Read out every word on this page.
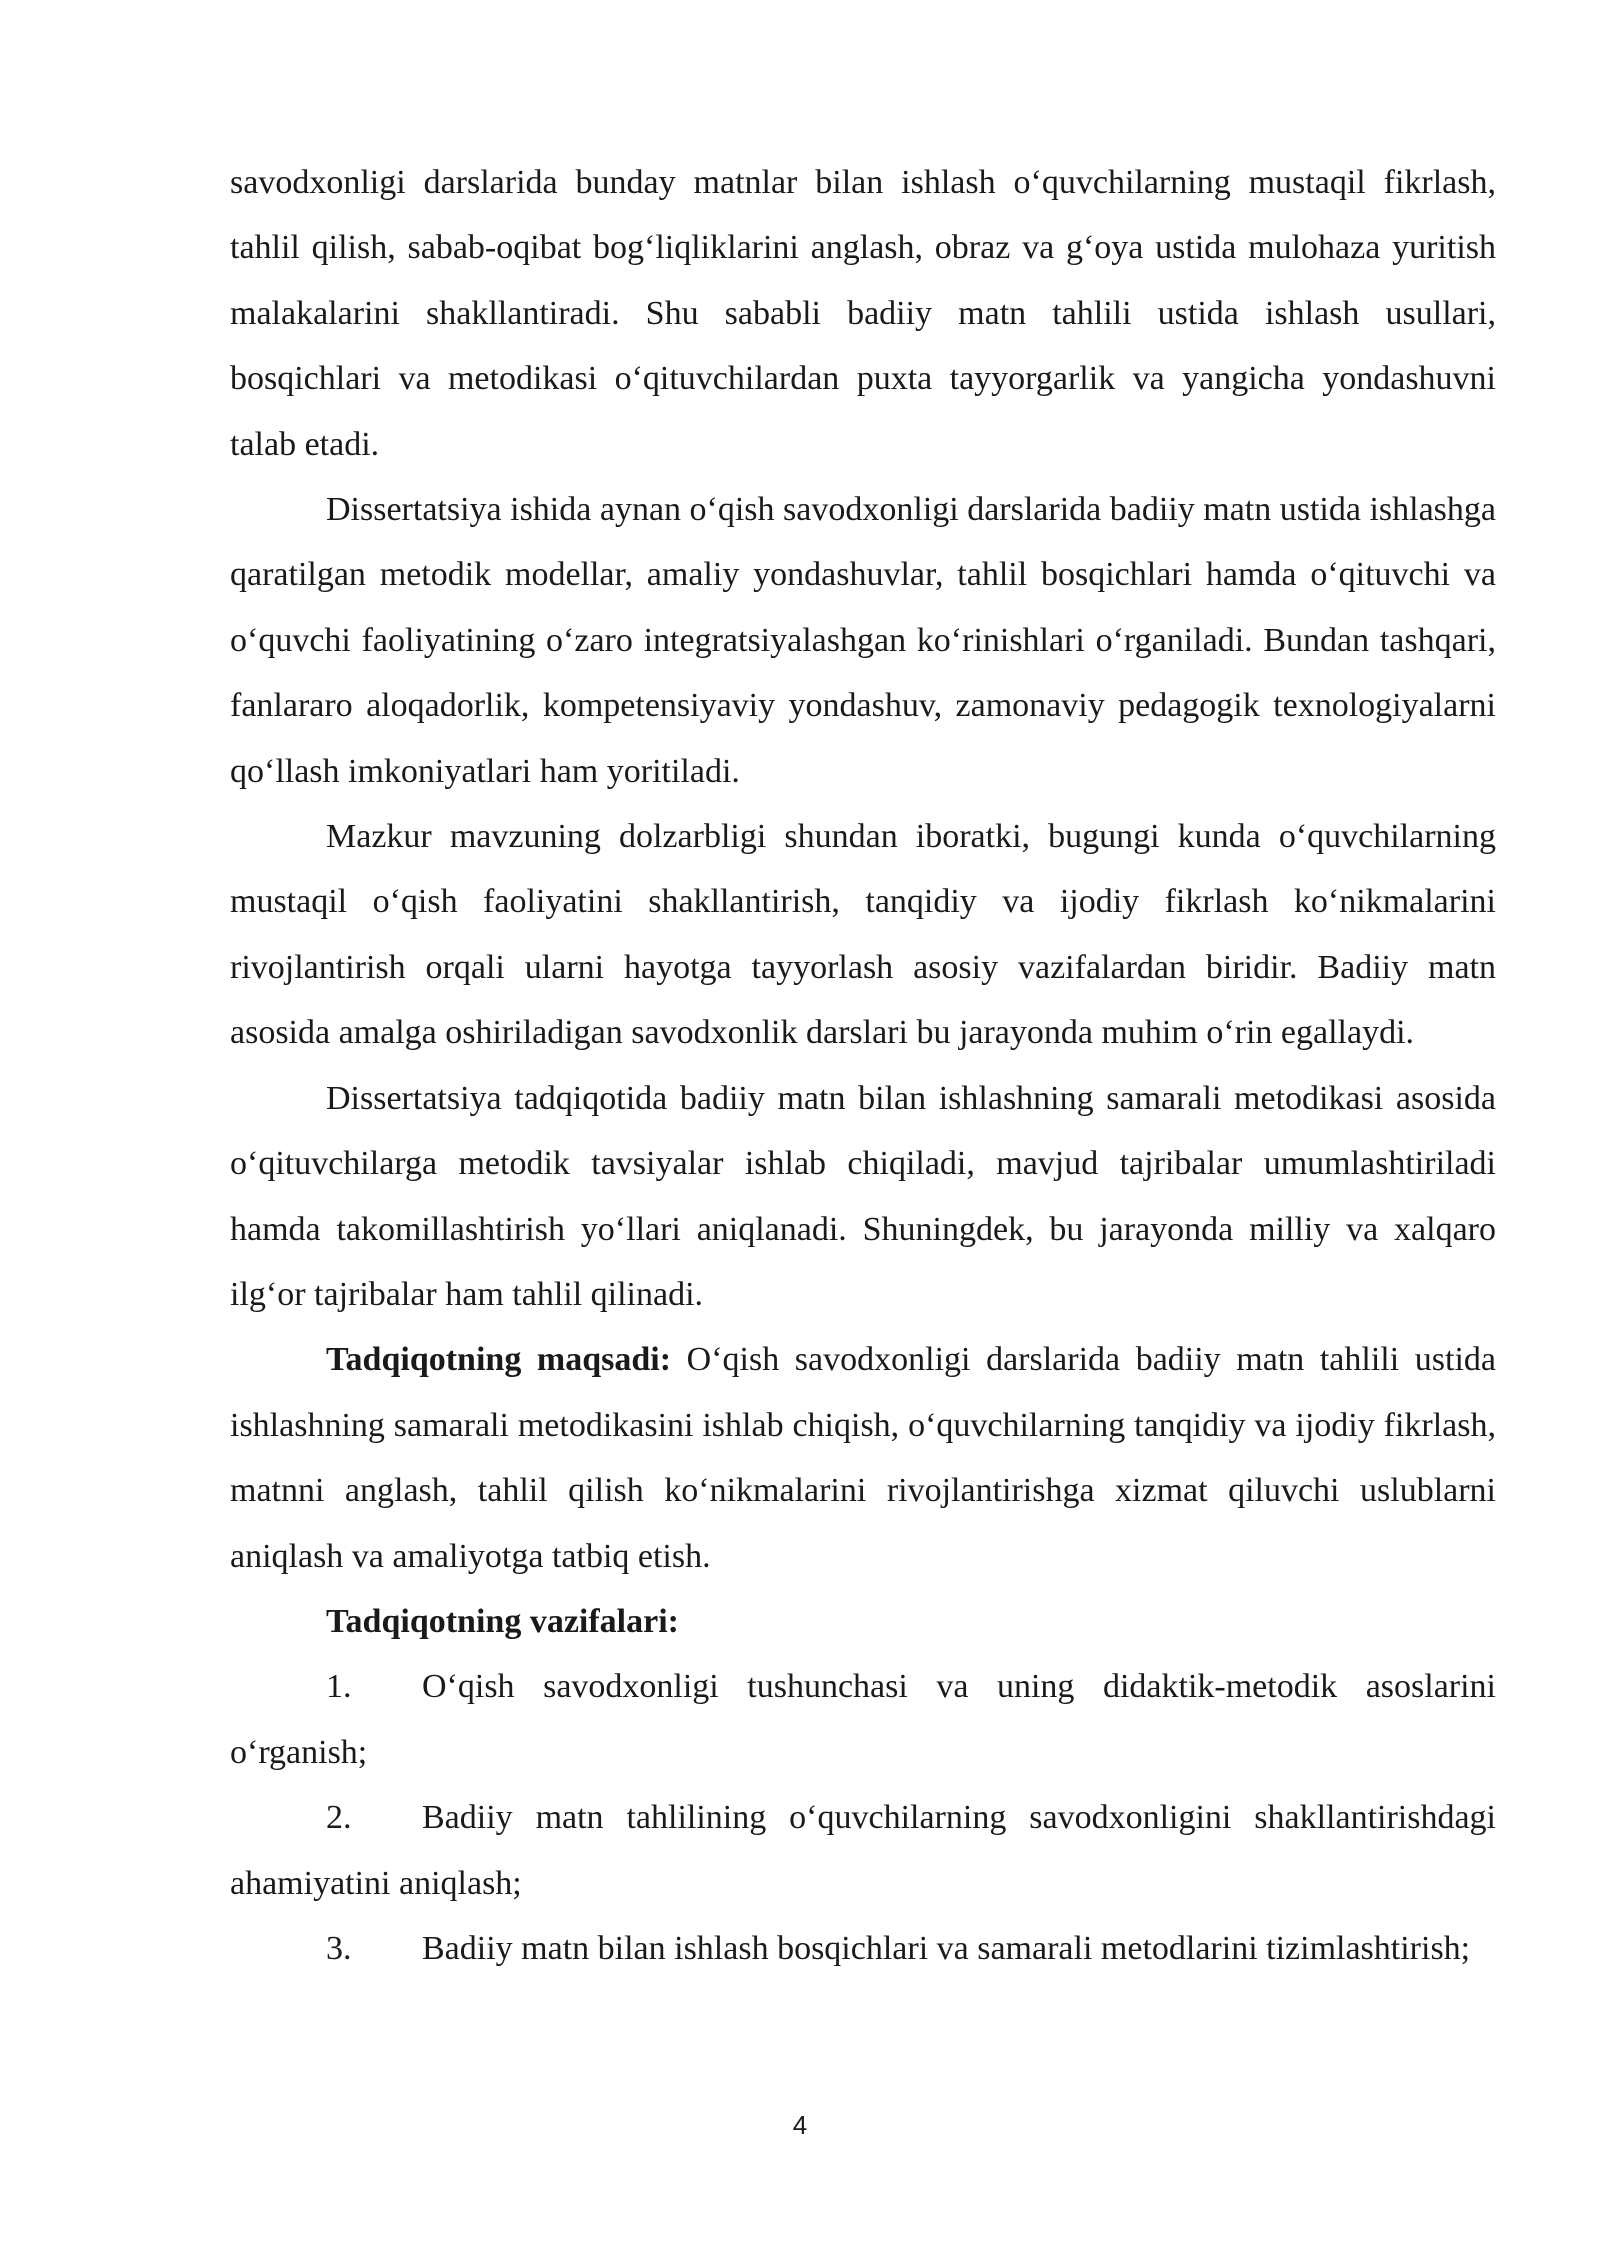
savodxonligi darslarida bunday matnlar bilan ishlash o‘quvchilarning mustaqil fikrlash, tahlil qilish, sabab-oqibat bog‘liqliklarini anglash, obraz va g‘oya ustida mulohaza yuritish malakalarini shakllantiradi. Shu sababli badiiy matn tahlili ustida ishlash usullari, bosqichlari va metodikasi o‘qituvchilardan puxta tayyorgarlik va yangicha yondashuvni talab etadi.

Dissertatsiya ishida aynan o‘qish savodxonligi darslarida badiiy matn ustida ishlashga qaratilgan metodik modellar, amaliy yondashuvlar, tahlil bosqichlari hamda o‘qituvchi va o‘quvchi faoliyatining o‘zaro integratsiyalashgan ko‘rinishlari o‘rganiladi. Bundan tashqari, fanlararo aloqadorlik, kompetensiyaviy yondashuv, zamonaviy pedagogik texnologiyalarni qo‘llash imkoniyatlari ham yoritiladi.

Mazkur mavzuning dolzarbligi shundan iboratki, bugungi kunda o‘quvchilarning mustaqil o‘qish faoliyatini shakllantirish, tanqidiy va ijodiy fikrlash ko‘nikmalarini rivojlantirish orqali ularni hayotga tayyorlash asosiy vazifalardan biridir. Badiiy matn asosida amalga oshiriladigan savodxonlik darslari bu jarayonda muhim o‘rin egallaydi.

Dissertatsiya tadqiqotida badiiy matn bilan ishlashning samarali metodikasi asosida o‘qituvchilarga metodik tavsiyalar ishlab chiqiladi, mavjud tajribalar umumlashtiriladi hamda takomillashtirish yo‘llari aniqlanadi. Shuningdek, bu jarayonda milliy va xalqaro ilg‘or tajribalar ham tahlil qilinadi.

Tadqiqotning maqsadi: O‘qish savodxonligi darslarida badiiy matn tahlili ustida ishlashning samarali metodikasini ishlab chiqish, o‘quvchilarning tanqidiy va ijodiy fikrlash, matnni anglash, tahlil qilish ko‘nikmalarini rivojlantirishga xizmat qiluvchi uslublarni aniqlash va amaliyotga tatbiq etish.

Tadqiqotning vazifalari:

1. O‘qish savodxonligi tushunchasi va uning didaktik-metodik asoslarini o‘rganish;

2. Badiiy matn tahlilining o‘quvchilarning savodxonligini shakllantirishdagi ahamiyatini aniqlash;

3. Badiiy matn bilan ishlash bosqichlari va samarali metodlarini tizimlashtirish;

4
